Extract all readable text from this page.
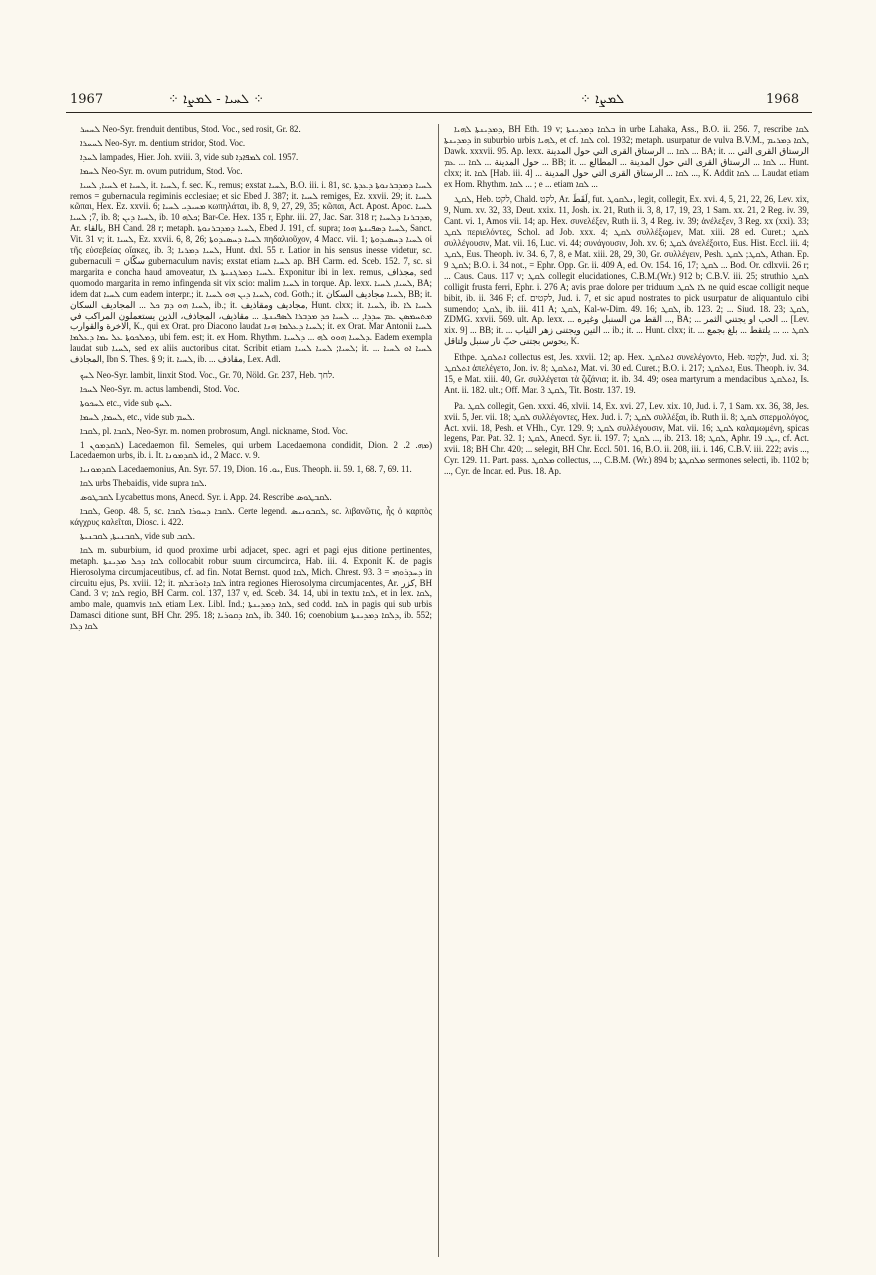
1967	⁘ ܠܚܝܐ - ܠܡܨܐ ⁘	⁘ ܠܡܨܐ	1968

ܠܚܚܪ Neo-Syr. frenduit dentibus, Stod. Voc., sed rosit, Gr. 82.

ܠܚܚܪܐ Neo-Syr. m. dentium stridor, Stod. Voc.

ܠܚܕܐ lampades, Hier. Joh. xviii. 3, vide sub ܠܡܦܐܕܐ col. 1957.

ܠܚܡܐ Neo-Syr. m. ovum putridum, Stod. Voc.

ܠܚܝܐ, ܠܚܝܐ et ܠܚܝܐ, it. ܠܚܝܐ, f. sec. K., remus; exstat ܠܚܝܐ, B.O. iii. i. 81, sc. ܠܚܝܐ ܕܡܕܒܪܢܘܬܐ ܕܥܕܬܐ remos = gubernacula regiminis ecclesiae; et sic Ebed J. 387; it. ܠܚܝܐ remiges, Ez. xxvii. 29; it. ܠܚܝܐ κῶπαι, Hex. Ez. xxvii. 6; ܡܚܝܕܝ ܠܚܝܐ κωπηλάται, ib. 8, 9, 27, 29, 35; κῶπαι, Act. Apost. Apoc. ܠܚܝܐ 7; ܠܚܝܐ, ib. 8; ܠܚܝܐ ܕܝܢ, ib. ܟܠܗ 10; Bar-Ce. Hex. 135 r, Ephr. iii. 27, Jac. Sar. 318 r; ܡܕܒܪܢܐ ܕܠܚܝܐ, Ar. بالقاء, BH Cand. 28 r; metaph. ܠܚܝܐ ܕܡܕܒܪܢܘܬܐ, Ebed J. 191, cf. supra; ܠܚܝܐ ܕܣܦܝܢܬܐ ܗܘܐ, Sanct. Vit. 31 v; it. ܠܚܝܐ, Ez. xxvii. 6, 8, 26; ܠܚܝܐ ܕܚܣܝܕܘܬܐ πηδαλιοῦχον, 4 Macc. vii. 1; ܠܚܝܐ ܕܚܣܝܕܘܬܐ οἱ τῆς εὐσεβείας οἴακες, ib. 3; ܠܚܝܐ ܕܡܪܝܐ, Hunt. dxl. 55 r. Latior in his sensus inesse videtur, sc. gubernaculi = سكّان gubernaculum navis; exstat etiam ܠܚܝܐ ap. BH Carm. ed. Sceb. 152. 7, sc. si margarita e concha haud amoveatur, ܠܚܝܐ ܕܡܪܓܢܝܬܐ ܠܐ. Exponitur ibi in lex. remus, مجذاف, sed quomodo margarita in remo infingenda sit vix scio: malim ܠܚܝܐ in torque. Ap. lexx. ܠܚܝܐ, ܠܚܝܐ, BA; idem dat ܠܚܝܐ cum eadem interpr.; it. ܠܚܝܐ ܕܝܢ ܗܘ ܠܚܝܐ, cod. Goth.; it. ܠܚܝܐ مجاديف السكان, BB; it. ܠܚܝܐ ܗܘ ܕܡ ܟܠ ... المجاديف السكان, ib.; it. مجاديف ومقاذيف, Hunt. clxx; it. ܠܚܝܐ, ib. ܠܚܝܐ ܠܐ ܡܬܚܡܣܢ ܥܡ ܚܕܕܐ, ... ܠܚܝܐ ܟܕ ܡܕܒܪܐ ܠܣܦܝܢܬܐ. ... مقاذيف، المجاذف، الذين يستعملون المراكب في الاخرة والقوارب, K., qui ex Orat. pro Diacono laudat ܠܚܝܐ ܕܥܠܡܐ ܗܢܐ; it. ex Orat. Mar Antonii ܠܚܝܐ ܕܡܠܟܘܬܐ ܥܠ ܝܡܐ ܕܥܠܡܐ, ubi fem. est; it. ex Hom. Rhythm. ܕܠܚܝܐ ܗܘܘ ܠܗ ... ܕܠܚܝܐ. Eadem exempla laudat sub ܠܚܝܐ, sed ex aliis auctoribus citat. Scribit etiam ܠܚܝܐ; ܠܚܝܐ ܠܚܝܐ; it. ܠܚܝܐ ܐܘ ܠܚܝܐ ... المجاذف, Ibn S. Thes. § 9; it. ܠܚܝܐ, ib. ... مقاذف, Lex. Adl.

ܠܚܟ Neo-Syr. lambit, linxit Stod. Voc., Gr. 70, Nöld. Gr. 237, Heb. לחך.

ܠܚܟܐ Neo-Syr. m. actus lambendi, Stod. Voc.

ܠܚܟܘܬܐ etc., vide sub ܠܚܟ.

ܠܚܡܐ, ܠܚܡܐ, etc., vide sub ܠܚܡ.

ܠܩܒܐ, pl. ܠܩܒܐ, Neo-Syr. m. nomen probrosum, Angl. nickname, Stod. Voc.

ܠܩܕܡܘܢ 1) Lacedaemon fil. Semeles, qui urbem Lacedaemona condidit, Dion. ܡܗ. 2. 2) Lacedaemon urbs, ib. i. It. ܠܩܕܡܘܢܐ id., 2 Macc. v. 9.

ܠܩܕܡܘܢܝܐ Lacedaemonius, An. Syr. 57. 19, Dion. ܝܘ. 16, Eus. Theoph. ii. 59. 1, 68. 7, 69. 11.

ܠܩܐ urbs Thebaidis, vide supra ܠܩܐ.

ܠܩܒܛܘܣ Lycabettus mons, Anecd. Syr. i. App. 24. Rescribe ܠܩܒܛܘܣ.

ܠܩܒܐ, Geop. 48. 5, sc. ܠܩܒܐ ܕܚܘܪܐ ܠܩܒܐ. Certe legend. ܠܩܒܘܢܝܣ, sc. λιβανῶτις, ἧς ὁ καρπὸς κάγχρυς καλεῖται, Diosc. i. 422.

ܠܩܒܢܝܬܐ, ܠܩܒܢܝܬܐ, vide sub ܠܩܒ.

ܠܩܐ m. suburbium, id quod proxime urbi adjacet, spec. agri et pagi ejus ditione pertinentes, metaph. ܠܩܐ ܕܟܠ ܡܕܝܢܬܐ collocabit robur suum circumcirca, Hab. iii. 4. Exponit K. de pagis Hierosolyma circumjaceutibus, cf. ad fin. Notat Bernst. quod ܠܩܐ, Mich. Chrest. 93. 3 = ܕܚܕܪܘܗܝ in circuitu ejus, Ps. xviii. 12; it. ܠܩܐ ܕܐܘܪܫܠܡ intra regiones Hierosolyma circumjacentes, Ar. كزر, BH Cand. 3 v; ܠܩܐ regio, BH Carm. col. 137, 137 v, ed. Sceb. 34. 14, ubi in textu ܠܩܐ, et in lex. ܠܩܐ, ambo male, quamvis ܠܩܐ etiam Lex. Libl. Ind.; ܠܩܐ ܕܡܕܝܢܬܐ, sed codd. ܠܩܐ in pagis qui sub urbis Damasci ditione sunt, BH Chr. 295. 18; ܠܩܐ ܕܩܘܪܝܐ, ib. 340. 16; coenobium ܕܠܩܐ ܕܡܕܝܢܬܐ, ib. 552; ܠܩܐ ܕܠܐ

ܕܡܕܝܢܬܐ ܠܗܝܐ, BH Eth. 19 v; ܒܠܩܐ ܕܡܕܝܢܬܐ in urbe Lahaka, Ass., B.O. ii. 256. 7, rescribe ܠܩܐ ܕܡܕܝܢܬܐ in suburbio urbis ܠܗܝܐ, et cf. ܠܩܐ col. 1932; metaph. usurpatur de vulva B.V.M., ܠܩܐ ܕܡܪܝܡ, Dawk. xxxvii. 95. Ap. lexx. ܠܩܐ ... الرستاق القرى التي حول المدينة ... BA; it. ... الرستاق القرى التي حول المدينة ... ܠܩܐ ... ܥܡ ... BB; it. ... ܠܩܐ ... الرستاق القرى التي حول المدينة ... المطالع ... Hunt. clxx; it. ܠܩܐ [Hab. iii. 4] ... ܠܩܐ ... الرستاق القرى التي حول المدينة ..., K. Addit ܠܩܐ ... Laudat etiam ex Hom. Rhythm. ܠܩܐ ... ; e ... etiam ܠܩܐ ...

ܠܩܛ, Heb. לקט, Chald. לקט, Ar. لَقَطَ, fut. ܢܠܩܘܛ, legit, collegit, Ex. xvi. 4, 5, 21, 22, 26, Lev. xix, 9, Num. xv. 32, 33, Deut. xxix. 11, Josh. ix. 21, Ruth ii. 3, 8, 17, 19, 23, 1 Sam. xx. 21, 2 Reg. iv. 39, Cant. vi. 1, Amos vii. 14; ap. Hex. συνελέξεν, Ruth ii. 3, 4 Reg. iv. 39; ἀνέλεξεν, 3 Reg. xx (xxi). 33; ܠܩܛ περιελόντες, Schol. ad Job. xxx. 4; ܠܩܛ συλλέξωμεν, Mat. xiii. 28 ed. Curet.; ܠܩܛ συλλέγουσιν, Mat. vii. 16, Luc. vi. 44; συνάγουσιν, Joh. xv. 6; ܠܩܛ ἀνελέξοιτο, Eus. Hist. Eccl. iii. 4; ܠܩܛ, Eus. Theoph. iv. 34. 6, 7, 8, e Mat. xiii. 28, 29, 30, Gr. συλλέγειν, Pesh. ܠܩܛ; ܠܩܛ, Athan. Ep. ܠܩܛ 9; B.O. i. 34 not., = Ephr. Opp. Gr. ii. 409 A, ed. Ov. 154. 16, 17; ܠܩܛ ... Bod. Or. cdlxvii. 26 r; ... Caus. Caus. 117 v; ܠܩܛ collegit elucidationes, C.B.M.(Wr.) 912 b; C.B.V. iii. 25; struthio ܠܩܛ colligit frusta ferri, Ephr. i. 276 A; avis prae dolore per triduum ܠܐ ܠܩܛ ne quid escae colligit neque bibit, ib. ii. 346 F; cf. לקטים, Jud. i. 7, et sic apud nostrates to pick usurpatur de aliquantulo cibi sumendo; ܠܩܛ, ib. iii. 411 A; ܠܩܛ, Kal-w-Dim. 49. 16; ܠܩܛ, ib. 123. 2; ... Siud. 18. 23; ܠܩܛ, ZDMG. xxvii. 569. ult. Ap. lexx. ... القط من السنبل وغيره ..., BA; ... الحب او يجتني الثمر ... [Lev. xix. 9] ... BB; it. ... التين ويجتنى زهر الثياب ... ib.; it. ... Hunt. clxx; it. ... ܠܩܛ ... ... يلتقط ... بلغ بجمع بحوس بجتنى حبّ نار سنبل ولتاقل, K.

Ethpe. ܐܬܠܩܛ collectus est, Jes. xxvii. 12; ap. Hex. ܐܬܠܩܛ συνελέγοντο, Heb. יִלָּקְטוּ, Jud. xi. 3; ܐܬܠܩܛ ἀπελέγετο, Jon. iv. 8; ܐܬܠܩܛ, Mat. vi. 30 ed. Curet.; B.O. i. 217; ܐܬܠܩܛ, Eus. Theoph. iv. 34. 15, e Mat. xiii. 40, Gr. συλλέγεται τὰ ζιζάνια; it. ib. 34. 49; osea martyrum a mendacibus ܐܬܠܩܛ, Is. Ant. ii. 182. ult.; Off. Mar. ܠܩܛ 3, Tit. Bostr. 137. 19.

Pa. ܠܩܛ collegit, Gen. xxxi. 46, xlvii. 14, Ex. xvi. 27, Lev. xix. 10, Jud. i. 7, 1 Sam. xx. 36, 38, Jes. xvii. 5, Jer. vii. 18; ܠܩܛ συλλέγοντες, Hex. Jud. i. 7; ܠܩܛ συλλέξαι, ib. Ruth ii. 8; ܠܩܛ σπερμολόγος, Act. xvii. 18, Pesh. et VHh., Cyr. 129. 9; ܠܩܛ συλλέγουσιν, Mat. vii. 16; ܠܩܛ καλαμωμένη, spicas legens, Par. Pat. 32. 1; ܠܩܛ, Anecd. Syr. ii. 197. 7; ܠܩܛ ..., ib. 213. 18; ܠܩܛ, Aphr. ܝܛ. 19, cf. Act. xvii. 18; BH Chr. 420; ... selegit, BH Chr. Eccl. 501. 16, B.O. ii. 208, iii. i. 146, C.B.V. iii. 222; avis ..., Cyr. 129. 11. Part. pass. ܡܠܩܛ collectus, ..., C.B.M. (Wr.) 894 b; ܡܠܩܛܬܐ sermones selecti, ib. 1102 b; ..., Cyr. de Incar. ed. Pus. 18. Ap.
